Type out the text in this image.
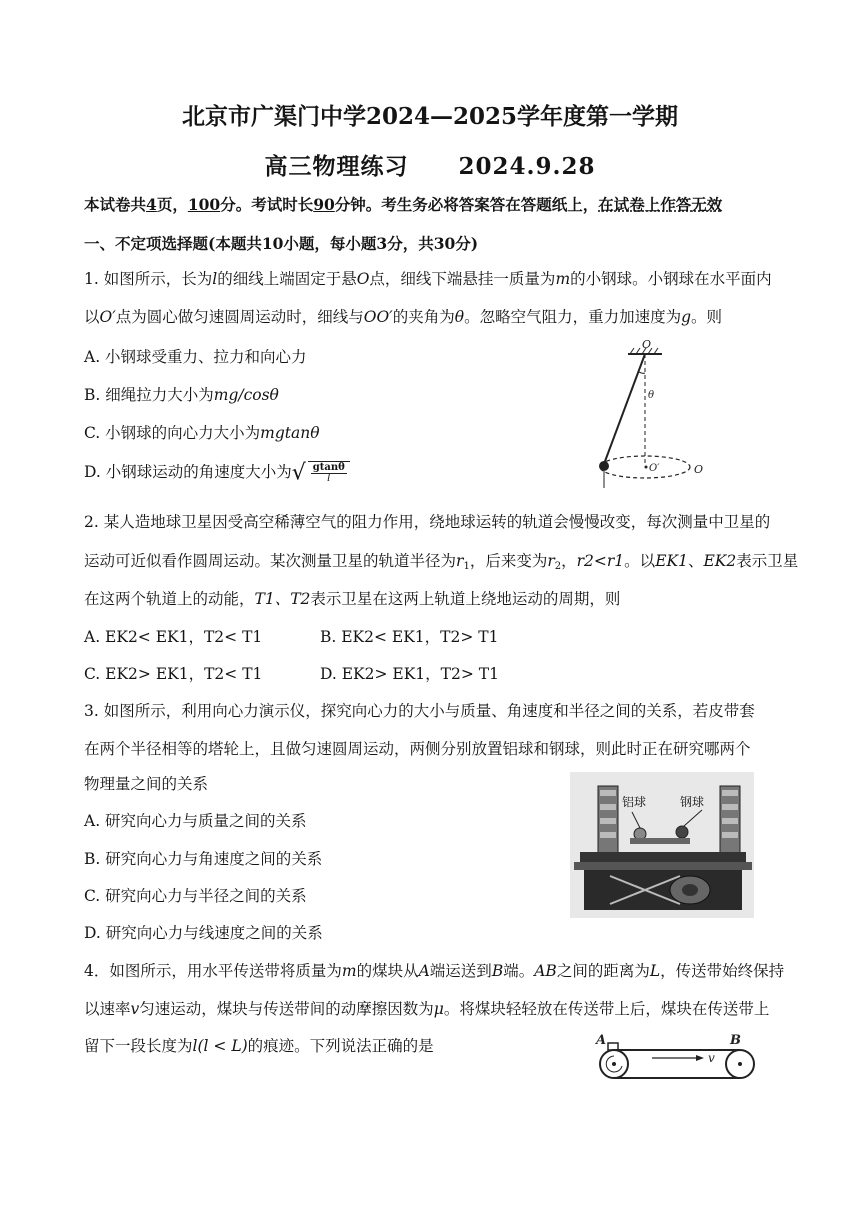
北京市广渠门中学2024—2025学年度第一学期
高三物理练习 2024.9.28
本试卷共4页，100分。考试时长90分钟。考生务必将答案答在答题纸上，在试卷上作答无效
一、不定项选择题(本题共10小题，每小题3分，共30分)
1. 如图所示，长为l的细线上端固定于悬O点，细线下端悬挂一质量为m的小钢球。小钢球在水平面内
以O′点为圆心做匀速圆周运动时，细线与OO′的夹角为θ。忽略空气阻力，重力加速度为g。则
A. 小钢球受重力、拉力和向心力
B. 细绳拉力大小为mg/cosθ
C. 小钢球的向心力大小为mgtanθ
D. 小钢球运动的角速度大小为√ $\frac{gtan\theta}{l}$
O
θ
O′	O
2. 某人造地球卫星因受高空稀薄空气的阻力作用，绕地球运转的轨道会慢慢改变，每次测量中卫星的
运动可近似看作圆周运动。某次测量卫星的轨道半径为$r_1$，后来变为$r_2$，r2<r1。以EK1、EK2表示卫星
在这两个轨道上的动能，T1、T2表示卫星在这两上轨道上绕地运动的周期，则
A. EK2< EK1，T2< T1	B. EK2< EK1，T2> T1
C. EK2> EK1，T2< T1	D. EK2> EK1，T2> T1
3. 如图所示，利用向心力演示仪，探究向心力的大小与质量、角速度和半径之间的关系，若皮带套
在两个半径相等的塔轮上，且做匀速圆周运动，两侧分别放置铝球和钢球，则此时正在研究哪两个
物理量之间的关系
A. 研究向心力与质量之间的关系
B. 研究向心力与角速度之间的关系
C. 研究向心力与半径之间的关系
D. 研究向心力与线速度之间的关系
铝球	钢球
4．如图所示，用水平传送带将质量为m的煤块从A端运送到B端。AB之间的距离为L，传送带始终保持
以速率v匀速运动，煤块与传送带间的动摩擦因数为μ。将煤块轻轻放在传送带上后，煤块在传送带上
留下一段长度为l(l < L)的痕迹。下列说法正确的是	A	B
v
